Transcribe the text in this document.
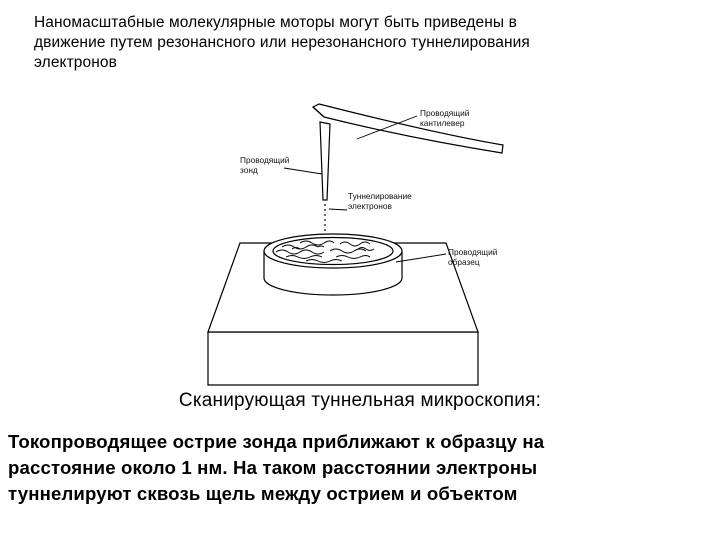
Наномасштабные молекулярные моторы могут быть приведены в
движение путем резонансного или нерезонансного туннелирования
электронов
Проводящий кантилевер
Проводящий зонд
Туннелирование электронов
Проводящий образец
Сканирующая туннельная микроскопия:
Токопроводящее острие зонда приближают к образцу на
расстояние около 1 нм. На таком расстоянии электроны
туннелируют сквозь щель между острием и объектом
